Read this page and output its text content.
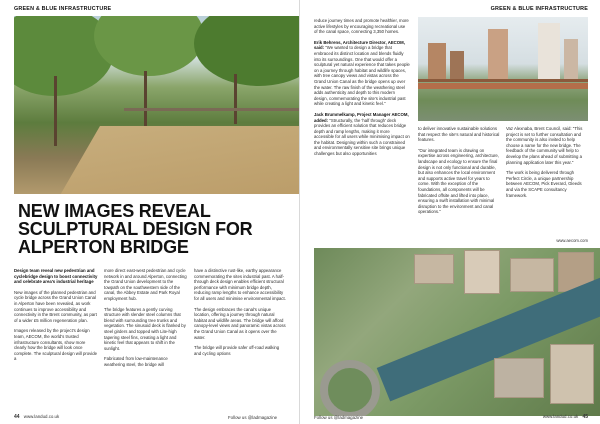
GREEN & BLUE INFRASTRUCTURE
NEW IMAGES REVEAL SCULPTURAL DESIGN FOR ALPERTON BRIDGE

Design team reveal new pedestrian and cyclebridge design to boost connectivity and celebrate area's industrial heritage

New images of the planned pedestrian and cycle bridge across the Grand Union Canal in Alperton have been revealed, as work continues to improve accessibility and connectivity in the Brent community, as part of a wider £5 million regeneration plan.

Images released by the project's design team, AECOM, the world's trusted infrastructure consultants, show more clearly how the bridge will look once complete. The sculptural design will provide a

more direct east-west pedestrian and cycle network in and around Alperton, connecting the Grand Union development to the towpath on the southwestern side of the canal, the Abbey Estate and Park Royal employment hub.

The bridge features a gently curving structure with slender steel columns that blend with surrounding tree trunks and vegetation. The sinusoid deck is flanked by steel girders and topped with Lite-high tapering steel fins, creating a light and kinetic feel that appears to shift in the sunlight.

Fabricated from low-maintenance weathering steel, the bridge will

have a distinctive rust-like, earthy appearance commemorating the sites industrial past. A half-through deck design enables efficient structural performance with minimum bridge depth, reducing ramp lengths to enhance accessibility for all users and minimise environmental impact.

The design embraces the canal's unique location, offering a journey through natural habitat and wildlife areas. The bridge will afford canopy-level views and panoramic vistas across the Grand Union Canal as it opens over the water.

The bridge will provide safer off-road walking and cycling options

44 www.landud.co.uk	Follow us @ladmagazine
GREEN & BLUE INFRASTRUCTURE

reduce journey times and promote healthier, more active lifestyles by encouraging recreational use of the canal space, connecting 3,350 homes.

Erik Behrens, Architecture Director, AECOM, said: "We wanted to design a bridge that embraced its distinct location and blends fluidly into its surroundings. One that would offer a sculptural yet natural experience that takes people on a journey through habitat and wildlife spaces, with tree canopy views and vistas across the Grand Union Canal as the bridge opens up over the water. The raw finish of the weathering steel adds authenticity and depth to this modern design, commemorating the site's industrial past while creating a light and kinetic feel."

Jack Brummelkamp, Project Manager AECOM, added: "Structurally, the 'half through' deck provides an efficient solution that reduces bridge depth and ramp lengths, making it more accessible for all users while minimising impact on the habitat. Designing within such a constrained and environmentally sensitive site brings unique challenges but also opportunities

to deliver innovative sustainable solutions that respect the site's natural and historical features.

"Our integrated team is drawing on expertise across engineering, architecture, landscape and ecology to ensure the final design is not only functional and durable, but also enhances the local environment and supports active travel for years to come. With the exception of the foundations, all components will be fabricated offsite and lifted into place, ensuring a swift installation with minimal disruption to the environment and canal operations."

Vaz Alexnaba, Brent Council, said: "This project is set to further consultation and the community is also invited to help choose a name for the new bridge. The feedback of the community will help to develop the plans ahead of submitting a planning application later this year."

The work is being delivered through Perfect Circle, a unique partnership between AECOM, Pick Everard, Gleeds and via the SCAPE consultancy framework.

www.aecom.com
Follow us @ladmagazine	www.landud.co.uk 45
